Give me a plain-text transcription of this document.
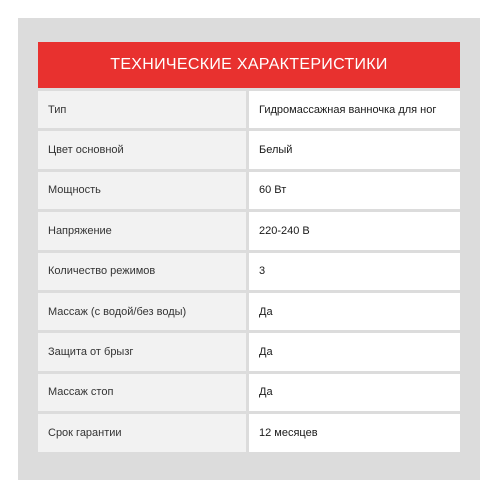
ТЕХНИЧЕСКИЕ ХАРАКТЕРИСТИКИ
Тип	Гидромассажная ванночка для ног
Цвет основной	Белый
Мощность	60 Вт
Напряжение	220-240 В
Количество режимов	3
Массаж (с водой/без воды)	Да
Защита от брызг	Да
Массаж стоп	Да
Срок гарантии	12 месяцев
